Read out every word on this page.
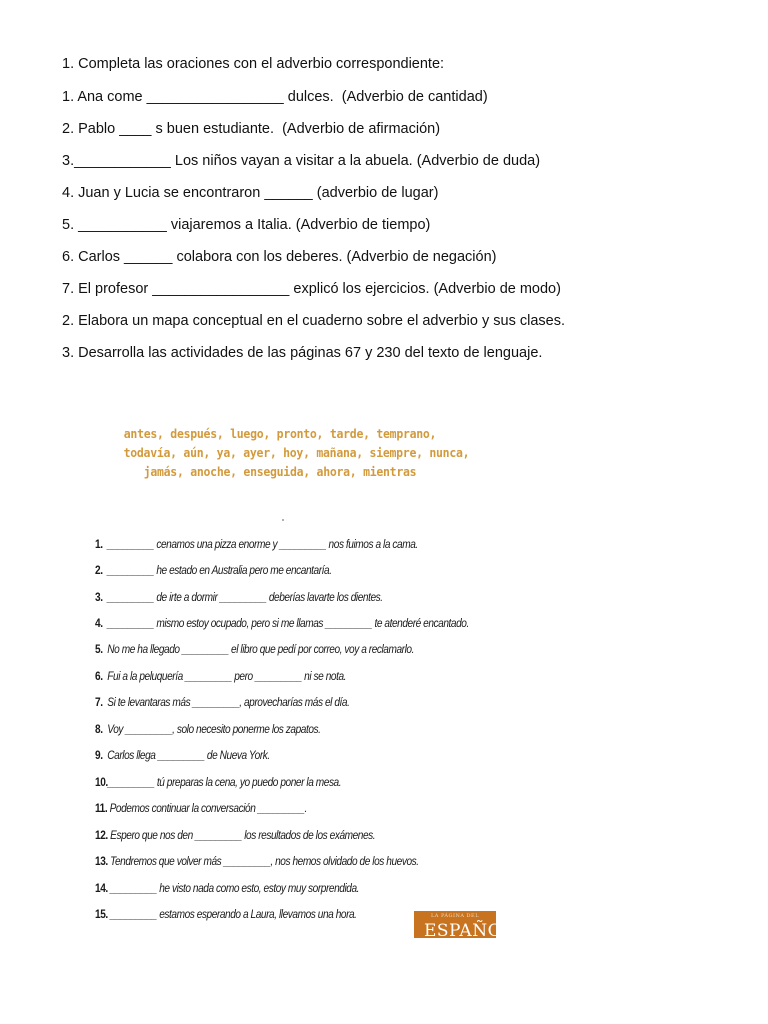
1. Completa las oraciones con el adverbio correspondiente:
1. Ana come _________________ dulces.  (Adverbio de cantidad)
2. Pablo ____ s buen estudiante.  (Adverbio de afirmación)
3.____________ Los niños vayan a visitar a la abuela. (Adverbio de duda)
4. Juan y Lucia se encontraron ______ (adverbio de lugar)
5. ___________ viajaremos a Italia. (Adverbio de tiempo)
6. Carlos ______ colabora con los deberes. (Adverbio de negación)
7. El profesor _________________ explicó los ejercicios. (Adverbio de modo)
2. Elabora un mapa conceptual en el cuaderno sobre el adverbio y sus clases.
3. Desarrolla las actividades de las páginas 67 y 230 del texto de lenguaje.
antes, después, luego, pronto, tarde, temprano,
todavía, aún, ya, ayer, hoy, mañana, siempre, nunca,
jamás, anoche, enseguida, ahora, mientras
1. _________ cenamos una pizza enorme y _________ nos fuimos a la cama.
2. _________ he estado en Australia pero me encantaría.
3. _________ de irte a dormir _________ deberías lavarte los dientes.
4. _________ mismo estoy ocupado, pero si me llamas _________ te atenderé encantado.
5. No me ha llegado _________ el libro que pedí por correo, voy a reclamarlo.
6. Fui a la peluquería _________ pero _________ ni se nota.
7. Si te levantaras más _________, aprovecharías más el día.
8. Voy _________, solo necesito ponerme los zapatos.
9. Carlos llega _________ de Nueva York.
10._________ tú preparas la cena, yo puedo poner la mesa.
11. Podemos continuar la conversación _________.
12. Espero que nos den _________ los resultados de los exámenes.
13. Tendremos que volver más _________, nos hemos olvidado de los huevos.
14. _________ he visto nada como esto, estoy muy sorprendida.
15. _________ estamos esperando a Laura, llevamos una hora.	LA PÁGINA DEL
ESPAÑOL
